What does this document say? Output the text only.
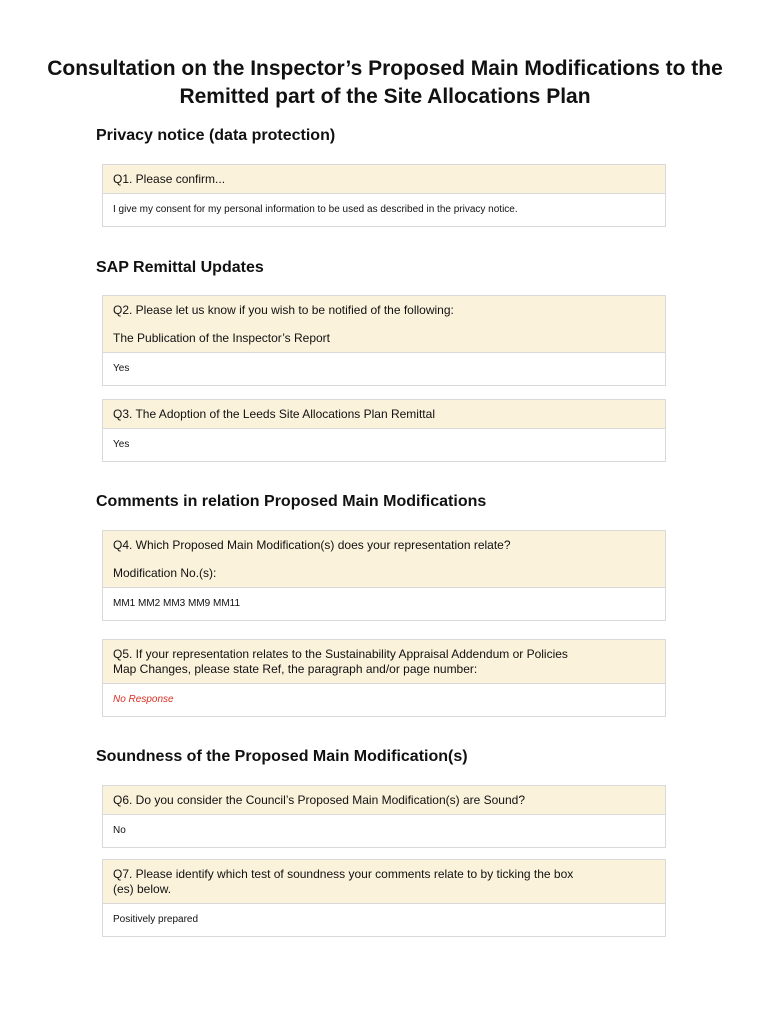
Consultation on the Inspector’s Proposed Main Modifications to the
Remitted part of the Site Allocations Plan
Privacy notice (data protection)
Q1. Please confirm...
I give my consent for my personal information to be used as described in the privacy notice.
SAP Remittal Updates
Q2. Please let us know if you wish to be notified of the following:
The Publication of the Inspector’s Report
Yes
Q3. The Adoption of the Leeds Site Allocations Plan Remittal
Yes
Comments in relation Proposed Main Modifications
Q4. Which Proposed Main Modification(s) does your representation relate?
Modification No.(s):
MM1 MM2 MM3 MM9 MM11
Q5. If your representation relates to the Sustainability Appraisal Addendum or Policies
Map Changes, please state Ref, the paragraph and/or page number:
No Response
Soundness of the Proposed Main Modification(s)
Q6. Do you consider the Council’s Proposed Main Modification(s) are Sound?
No
Q7. Please identify which test of soundness your comments relate to by ticking the box
(es) below.
Positively prepared
